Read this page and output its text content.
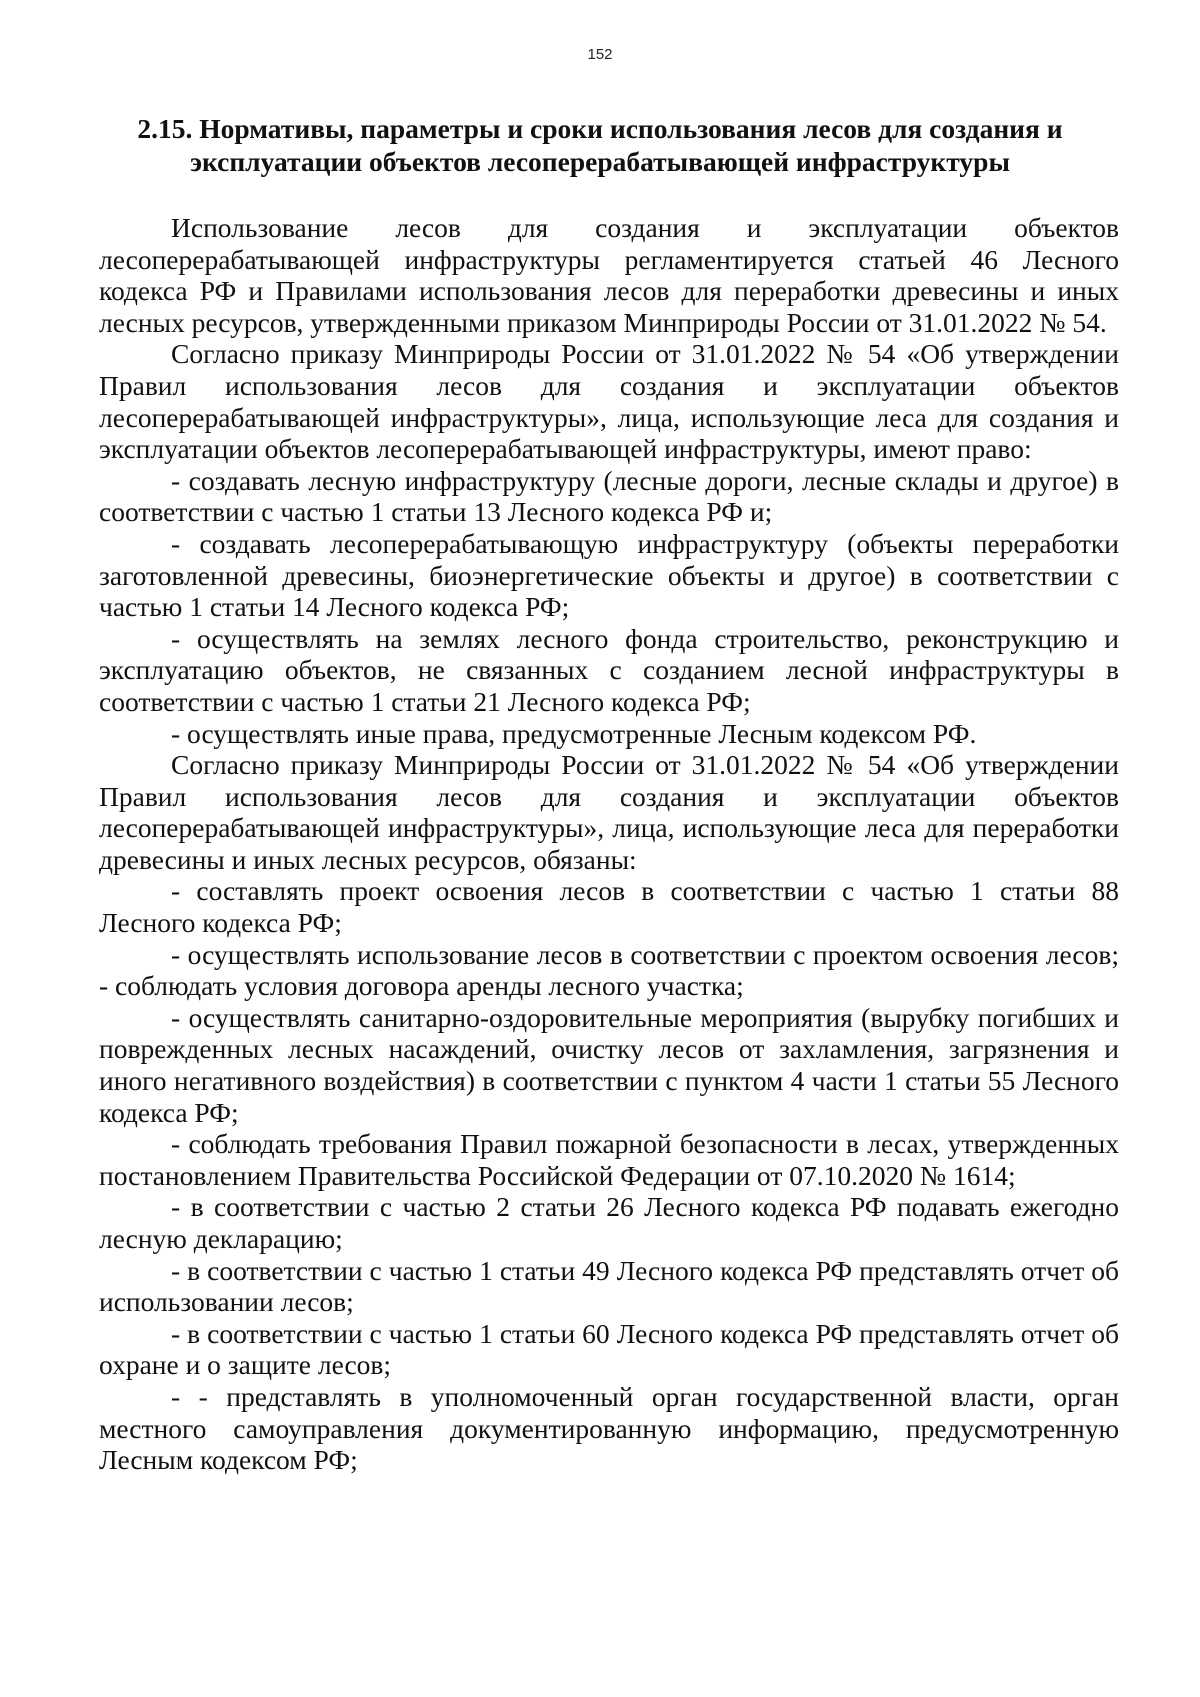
152
2.15. Нормативы, параметры и сроки использования лесов для создания и
эксплуатации объектов лесоперерабатывающей инфраструктуры

Использование лесов для создания и эксплуатации объектов лесоперерабатывающей инфраструктуры регламентируется статьей 46 Лесного кодекса РФ и Правилами использования лесов для переработки древесины и иных лесных ресурсов, утвержденными приказом Минприроды России от 31.01.2022 № 54.

Согласно приказу Минприроды России от 31.01.2022 № 54 «Об утверждении Правил использования лесов для создания и эксплуатации объектов лесоперерабатывающей инфраструктуры», лица, использующие леса для создания и эксплуатации объектов лесоперерабатывающей инфраструктуры, имеют право:

- создавать лесную инфраструктуру (лесные дороги, лесные склады и другое) в соответствии с частью 1 статьи 13 Лесного кодекса РФ и;

- создавать лесоперерабатывающую инфраструктуру (объекты переработки заготовленной древесины, биоэнергетические объекты и другое) в соответствии с частью 1 статьи 14 Лесного кодекса РФ;

- осуществлять на землях лесного фонда строительство, реконструкцию и эксплуатацию объектов, не связанных с созданием лесной инфраструктуры в соответствии с частью 1 статьи 21 Лесного кодекса РФ;

- осуществлять иные права, предусмотренные Лесным кодексом РФ.

Согласно приказу Минприроды России от 31.01.2022 № 54 «Об утверждении Правил использования лесов для создания и эксплуатации объектов лесоперерабатывающей инфраструктуры», лица, использующие леса для переработки древесины и иных лесных ресурсов, обязаны:

- составлять проект освоения лесов в соответствии с частью 1 статьи 88 Лесного кодекса РФ;

- осуществлять использование лесов в соответствии с проектом освоения лесов; - соблюдать условия договора аренды лесного участка;

- осуществлять санитарно-оздоровительные мероприятия (вырубку погибших и поврежденных лесных насаждений, очистку лесов от захламления, загрязнения и иного негативного воздействия) в соответствии с пунктом 4 части 1 статьи 55 Лесного кодекса РФ;

- соблюдать требования Правил пожарной безопасности в лесах, утвержденных постановлением Правительства Российской Федерации от 07.10.2020 № 1614;

- в соответствии с частью 2 статьи 26 Лесного кодекса РФ подавать ежегодно лесную декларацию;

- в соответствии с частью 1 статьи 49 Лесного кодекса РФ представлять отчет об использовании лесов;

- в соответствии с частью 1 статьи 60 Лесного кодекса РФ представлять отчет об охране и о защите лесов;

- - представлять в уполномоченный орган государственной власти, орган местного самоуправления документированную информацию, предусмотренную Лесным кодексом РФ;
